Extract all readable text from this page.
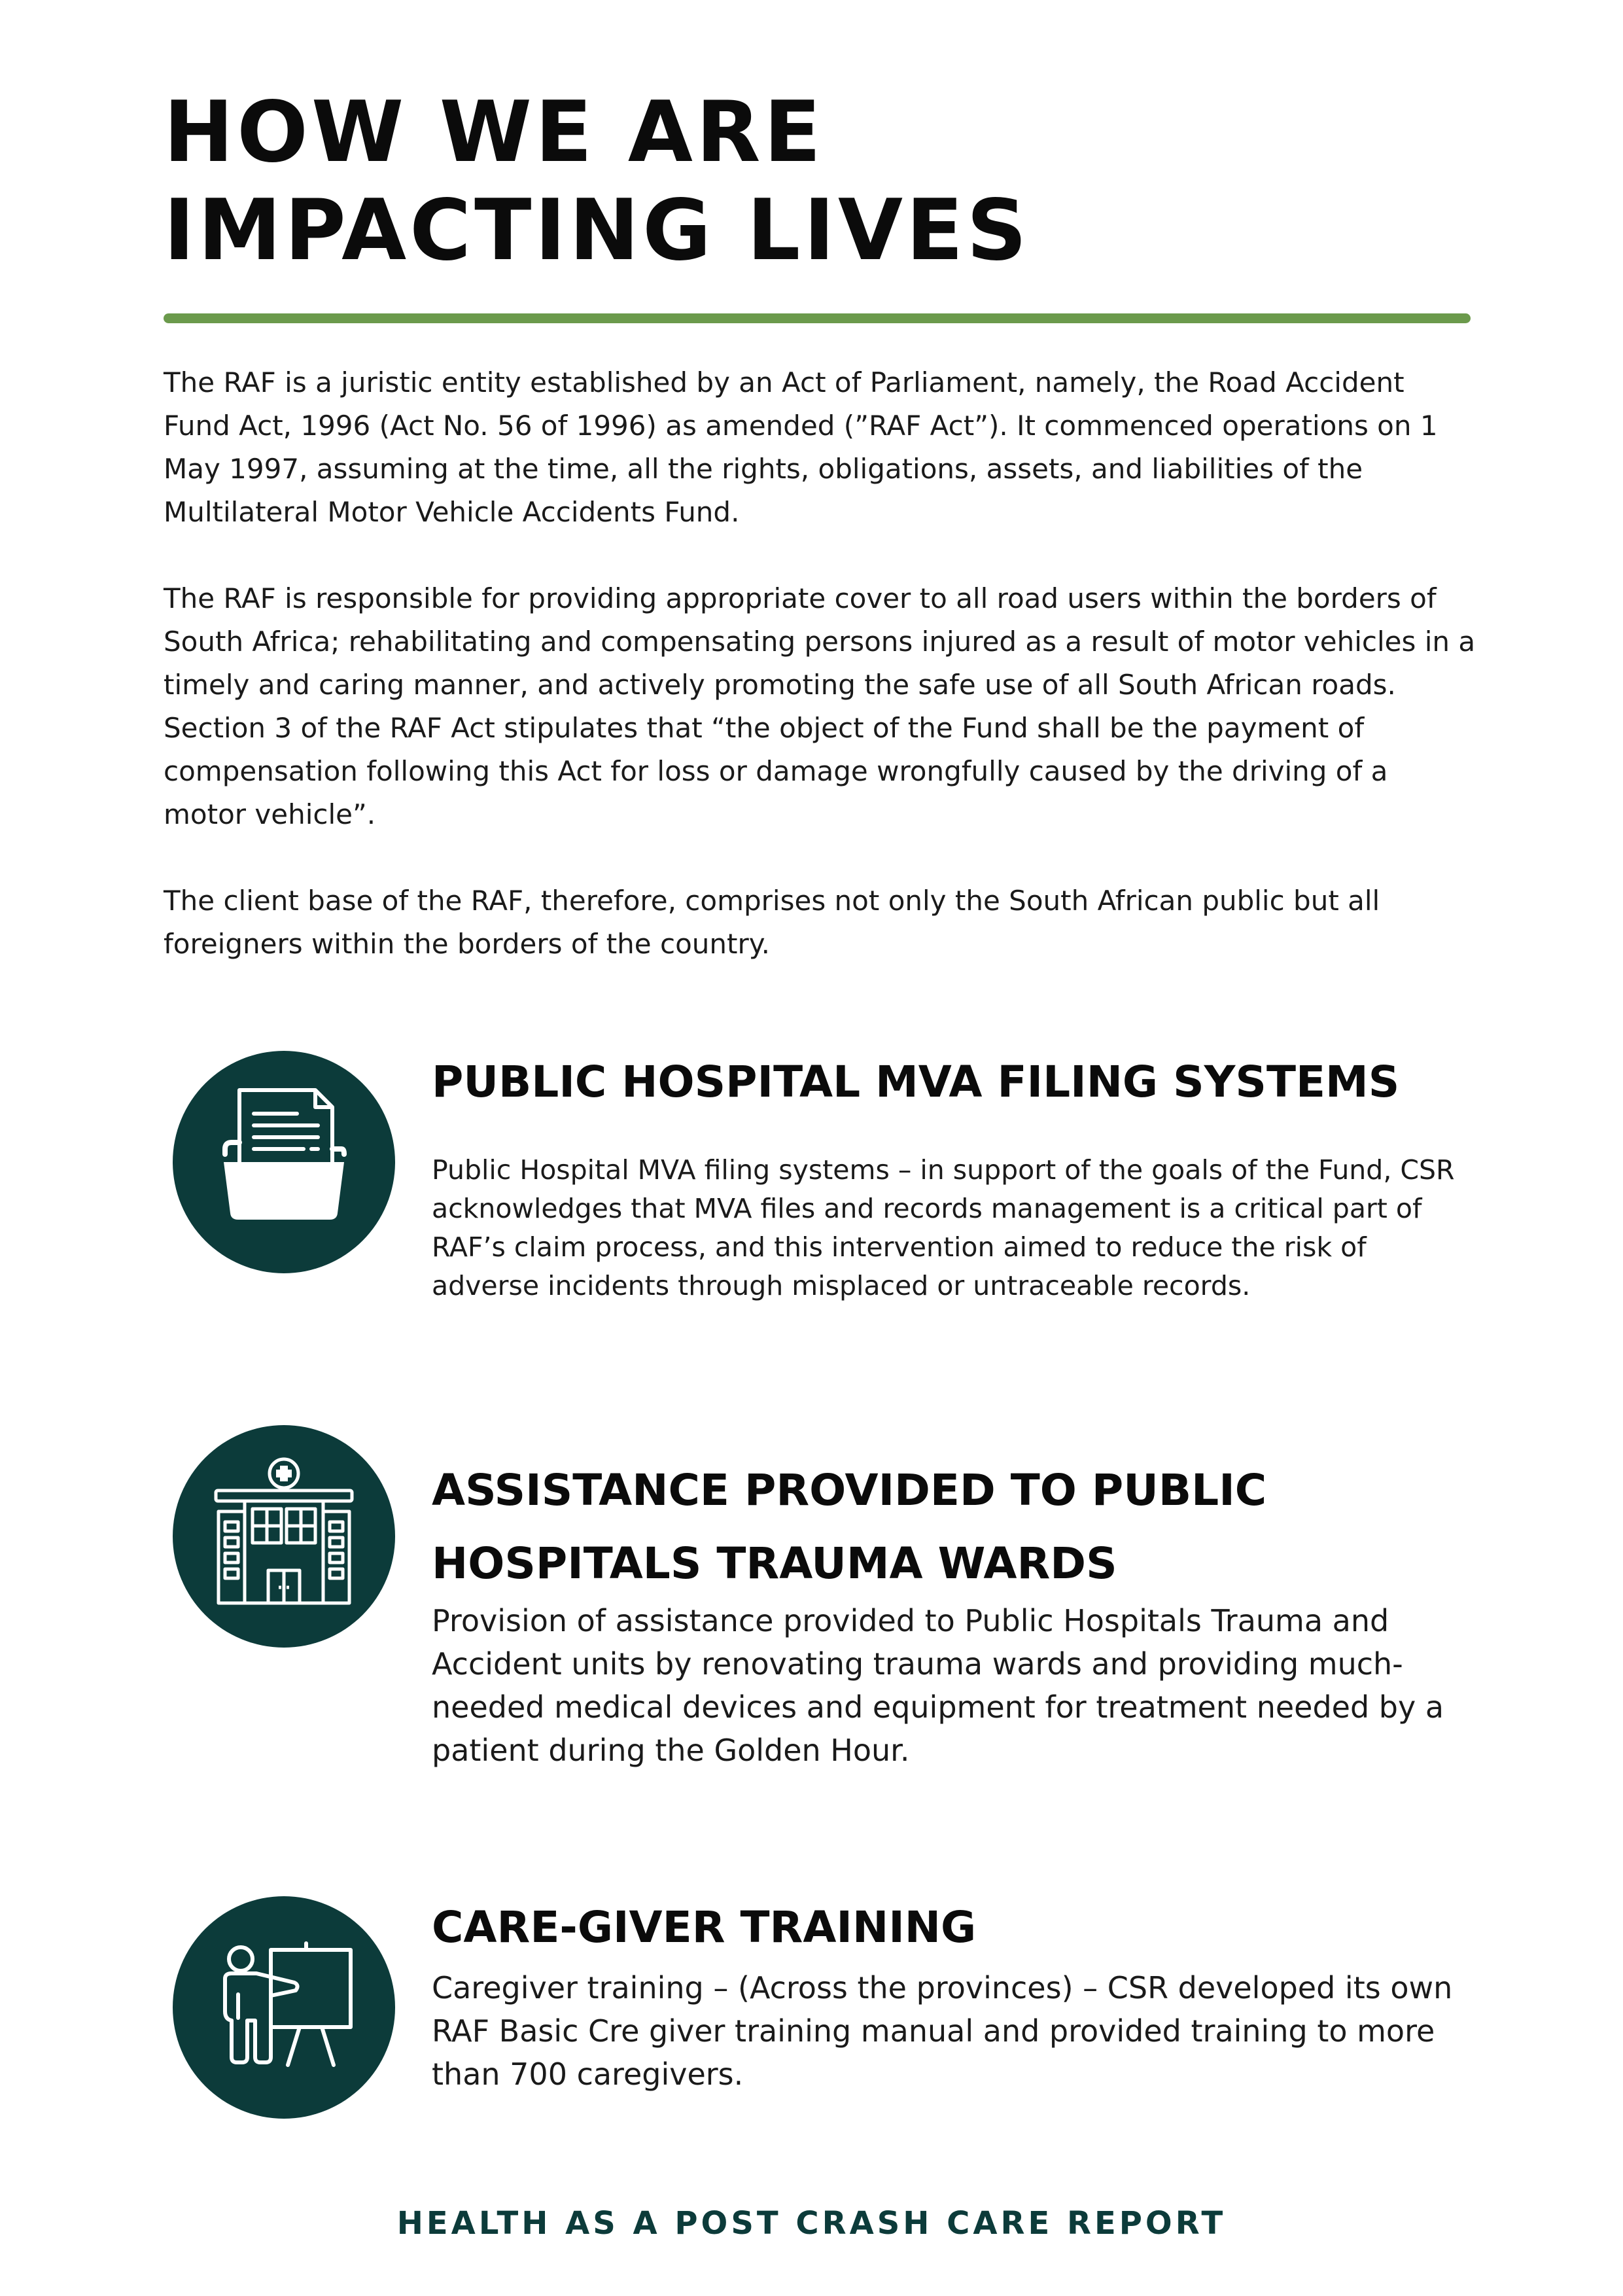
HOW WE ARE
IMPACTING LIVES

The RAF is a juristic entity established by an Act of Parliament, namely, the Road Accident Fund Act, 1996 (Act No. 56 of 1996) as amended (”RAF Act”). It commenced operations on 1 May 1997, assuming at the time, all the rights, obligations, assets, and liabilities of the Multilateral Motor Vehicle Accidents Fund.

The RAF is responsible for providing appropriate cover to all road users within the borders of South Africa; rehabilitating and compensating persons injured as a result of motor vehicles in a timely and caring manner, and actively promoting the safe use of all South African roads. Section 3 of the RAF Act stipulates that “the object of the Fund shall be the payment of compensation following this Act for loss or damage wrongfully caused by the driving of a motor vehicle”.

The client base of the RAF, therefore, comprises not only the South African public but all foreigners within the borders of the country.

PUBLIC HOSPITAL MVA FILING SYSTEMS

Public Hospital MVA filing systems – in support of the goals of the Fund, CSR acknowledges that MVA files and records management is a critical part of RAF’s claim process, and this intervention aimed to reduce the risk of adverse incidents through misplaced or untraceable records.

ASSISTANCE PROVIDED TO PUBLIC
HOSPITALS TRAUMA WARDS

Provision of assistance provided to Public Hospitals Trauma and Accident units by renovating trauma wards and providing much-needed medical devices and equipment for treatment needed by a patient during the Golden Hour.

CARE-GIVER TRAINING

Caregiver training – (Across the provinces) – CSR developed its own RAF Basic Cre giver training manual and provided training to more than 700 caregivers.

HEALTH AS A POST CRASH CARE REPORT
